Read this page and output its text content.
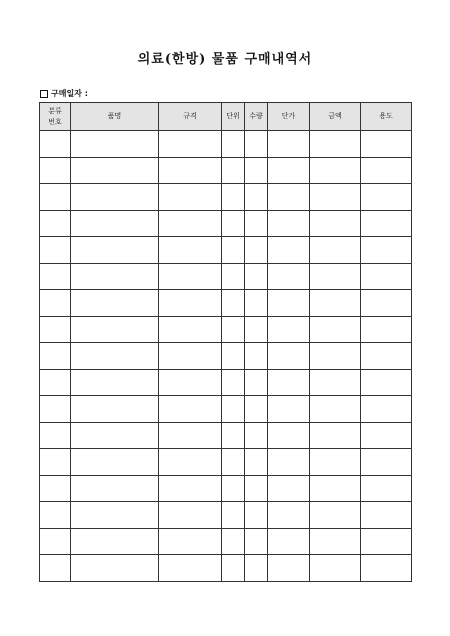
의료(한방) 물품 구매내역서
구매일자 :
분류
번호	품명	규격	단위	수량	단가	금액	용도
